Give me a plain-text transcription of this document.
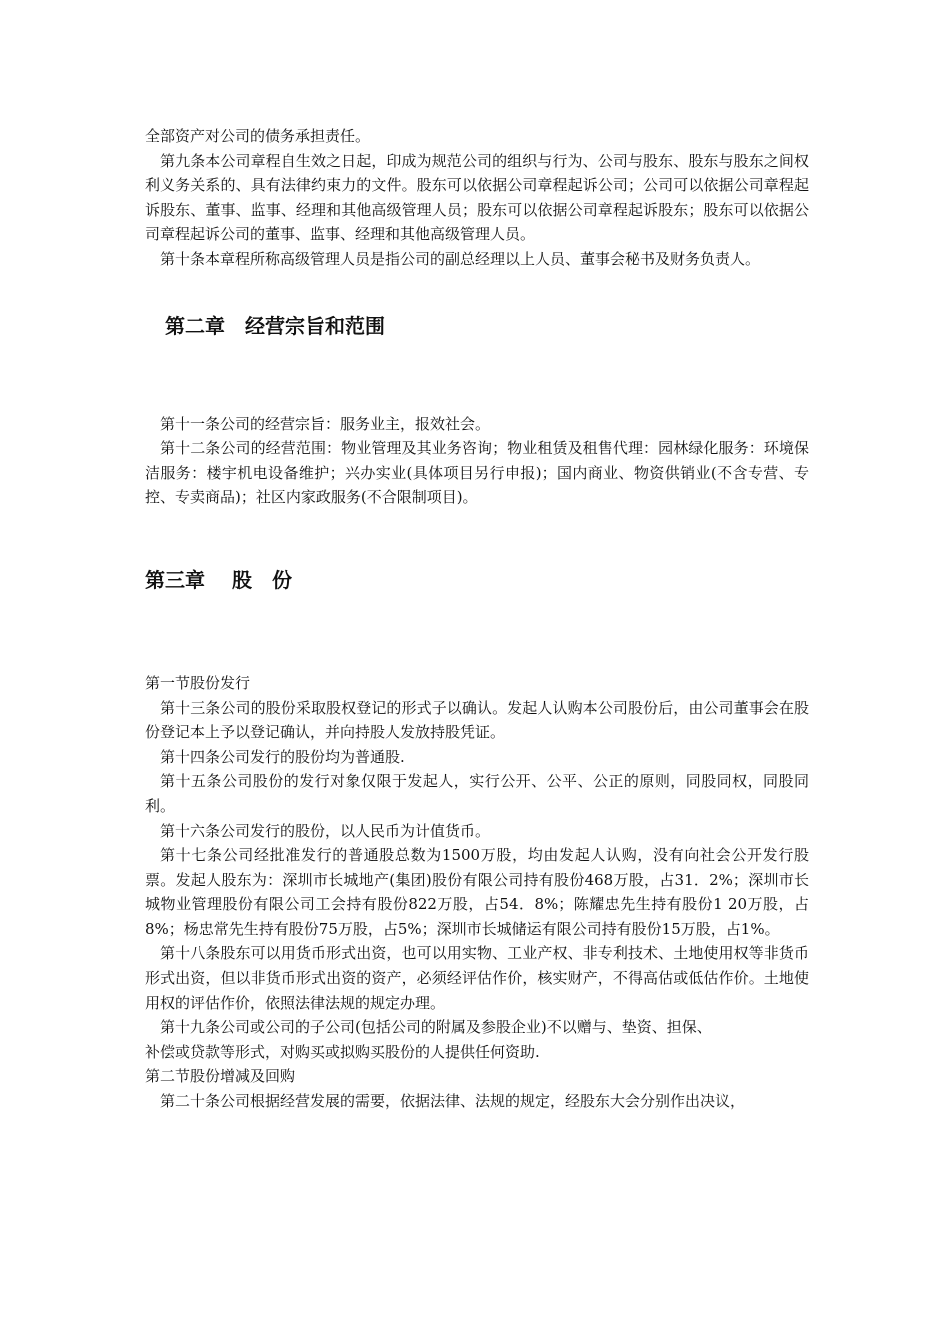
全部资产对公司的债务承担责任。

第九条本公司章程自生效之日起，印成为规范公司的组织与行为、公司与股东、股东与股东之间权利义务关系的、具有法律约束力的文件。股东可以依据公司章程起诉公司；公司可以依据公司章程起诉股东、董事、监事、经理和其他高级管理人员；股东可以依据公司章程起诉股东；股东可以依据公司章程起诉公司的董事、监事、经理和其他高级管理人员。

第十条本章程所称高级管理人员是指公司的副总经理以上人员、董事会秘书及财务负责人。

第二章　经营宗旨和范围

第十一条公司的经营宗旨：服务业主，报效社会。

第十二条公司的经营范围：物业管理及其业务咨询；物业租赁及租售代理：园林绿化服务：环境保洁服务：楼宇机电设备维护；兴办实业(具体项目另行申报)；国内商业、物资供销业(不含专营、专控、专卖商品)；社区内家政服务(不合限制项目)。

第三章　 股　份

第一节股份发行

第十三条公司的股份采取股权登记的形式子以确认。发起人认购本公司股份后，由公司董事会在股份登记本上予以登记确认，并向持股人发放持股凭证。

第十四条公司发行的股份均为普通股.

第十五条公司股份的发行对象仅限于发起人，实行公开、公平、公正的原则，同股同权，同股同利。

第十六条公司发行的股份，以人民币为计值货币。

第十七条公司经批准发行的普通股总数为1500万股，均由发起人认购，没有向社会公开发行股票。发起人股东为：深圳市长城地产(集团)股份有限公司持有股份468万股，占31．2%；深圳市长城物业管理股份有限公司工会持有股份822万股，占54．8%；陈耀忠先生持有股份1 20万股，占8%；杨忠常先生持有股份75万股，占5%；深圳市长城储运有限公司持有股份15万股，占1%。

第十八条股东可以用货币形式出资，也可以用实物、工业产权、非专利技术、土地使用权等非货币形式出资，但以非货币形式出资的资产，必须经评估作价，核实财产，不得高估或低估作价。土地使用权的评估作价，依照法律法规的规定办理。

第十九条公司或公司的子公司(包括公司的附属及参股企业)不以赠与、垫资、担保、

补偿或贷款等形式，对购买或拟购买股份的人提供任何资助.

第二节股份增减及回购

第二十条公司根据经营发展的需要，依据法律、法规的规定，经股东大会分别作出决议，
